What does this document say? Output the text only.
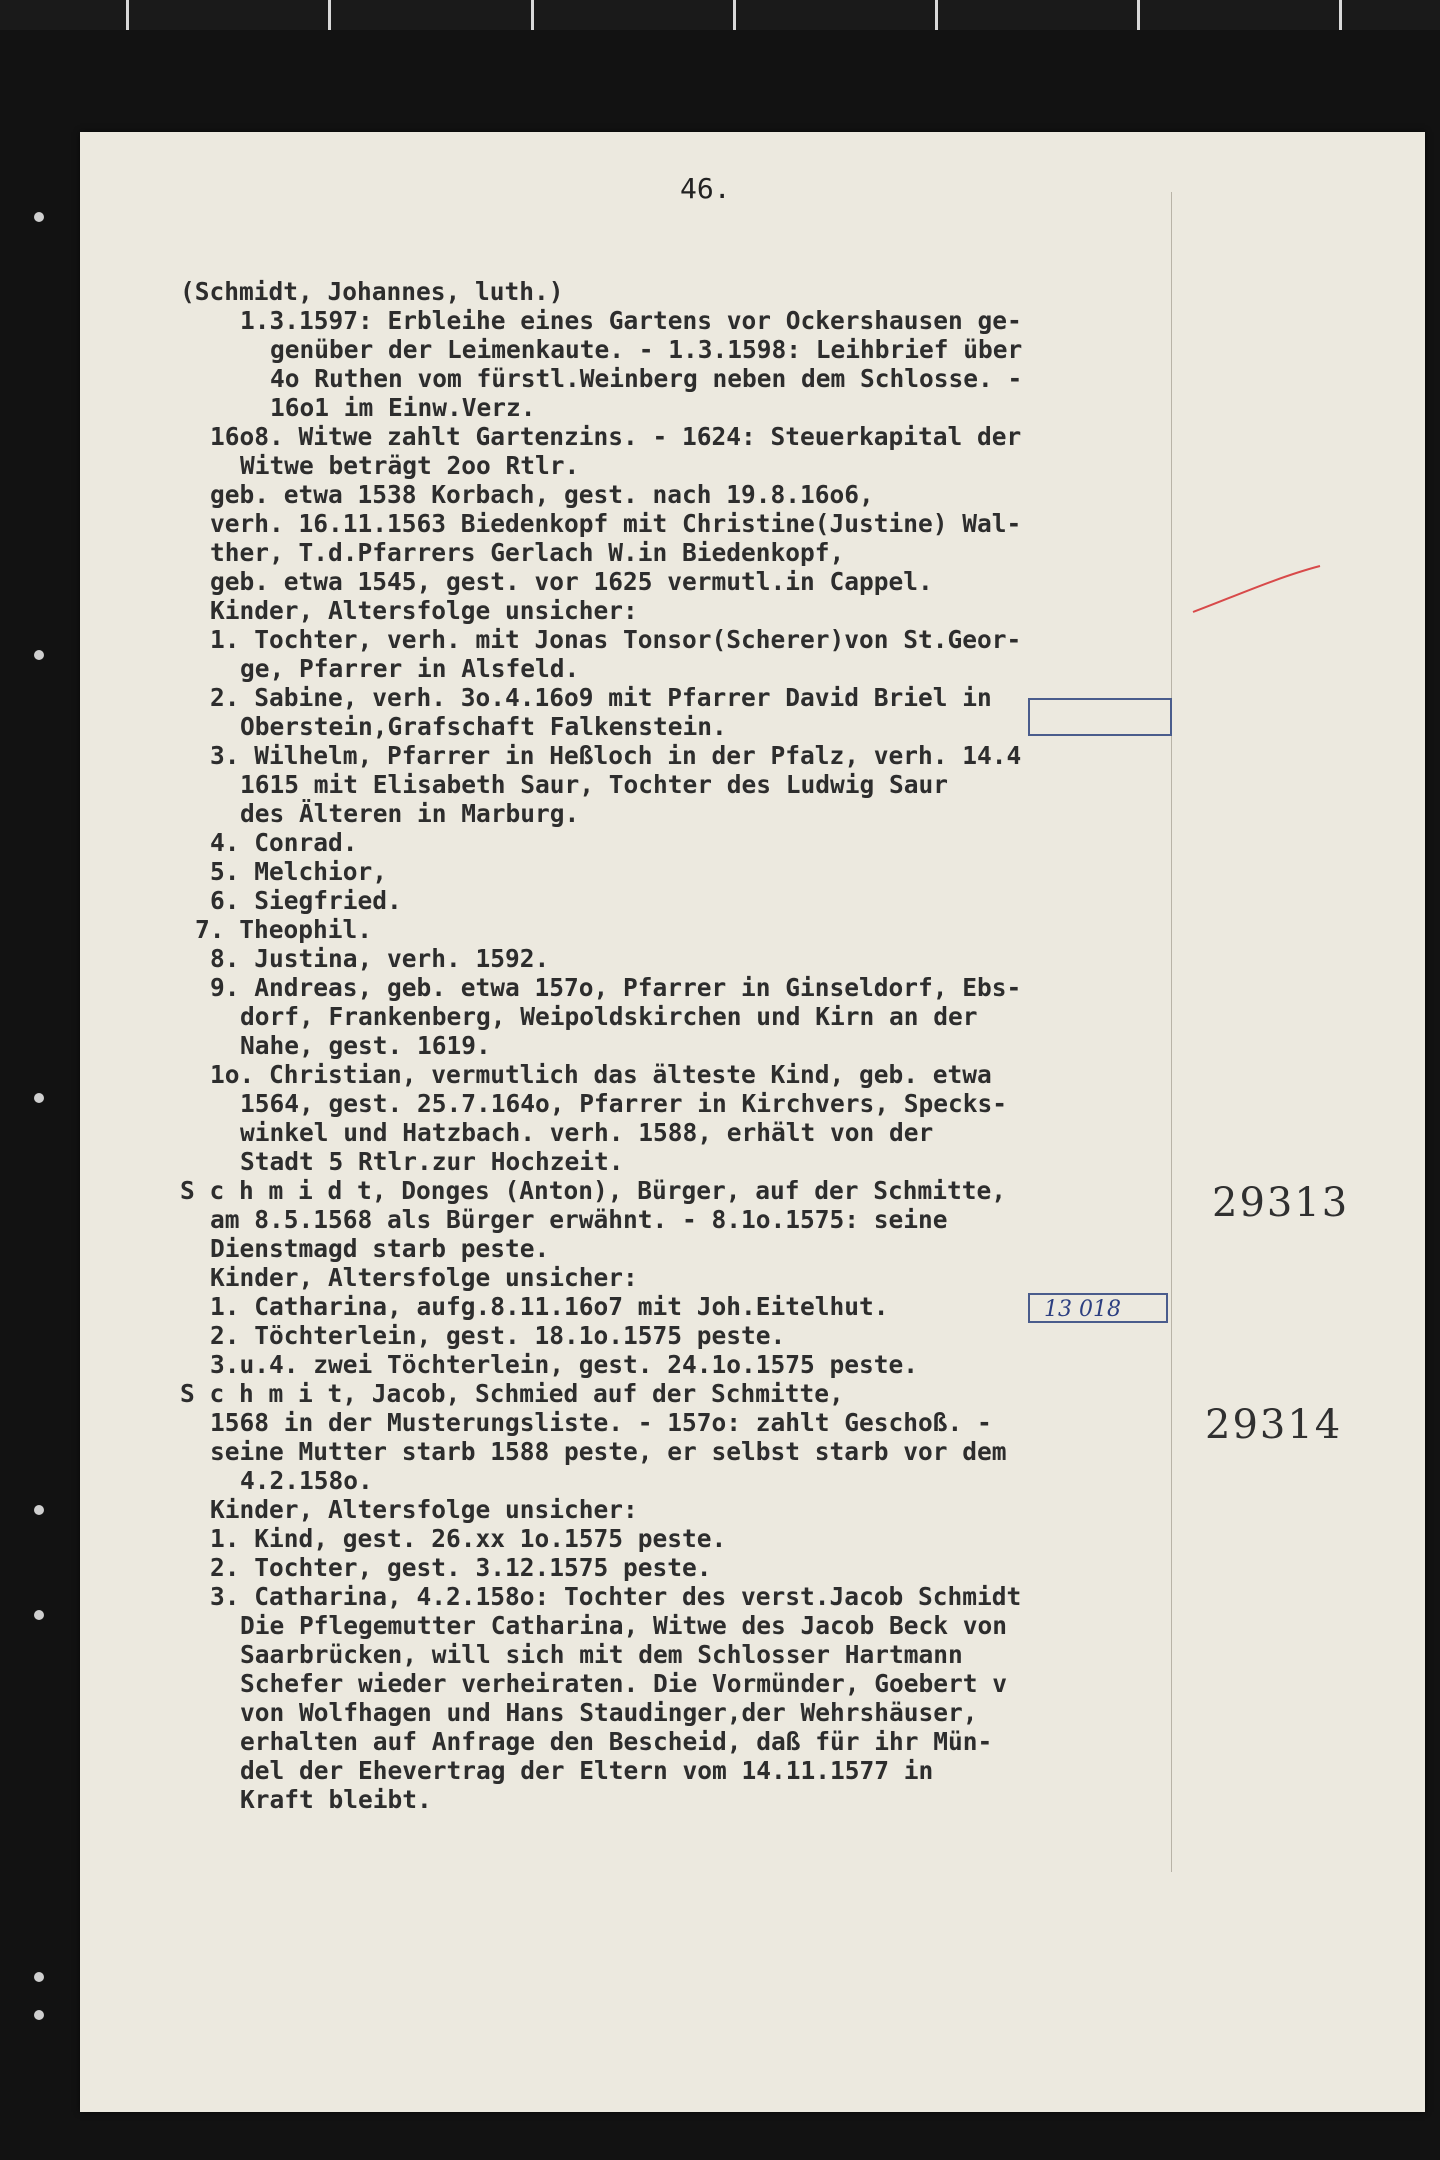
46.
(Schmidt, Johannes, luth.)
1.3.1597: Erbleihe eines Gartens vor Ockershausen ge-
genüber der Leimenkaute. - 1.3.1598: Leihbrief über
4o Ruthen vom fürstl.Weinberg neben dem Schlosse. -
16o1 im Einw.Verz.
16o8. Witwe zahlt Gartenzins. - 1624: Steuerkapital der
Witwe beträgt 2oo Rtlr.
geb. etwa 1538 Korbach, gest. nach 19.8.16o6,
verh. 16.11.1563 Biedenkopf mit Christine(Justine) Wal-
ther, T.d.Pfarrers Gerlach W.in Biedenkopf,
geb. etwa 1545, gest. vor 1625 vermutl.in Cappel.
Kinder, Altersfolge unsicher:
1. Tochter, verh. mit Jonas Tonsor(Scherer)von St.Geor-
ge, Pfarrer in Alsfeld.
2. Sabine, verh. 3o.4.16o9 mit Pfarrer David Briel in
Oberstein,Grafschaft Falkenstein.
3. Wilhelm, Pfarrer in Heßloch in der Pfalz, verh. 14.4
1615 mit Elisabeth Saur, Tochter des Ludwig Saur
des Älteren in Marburg.
4. Conrad.
5. Melchior,
6. Siegfried.
7. Theophil.
8. Justina, verh. 1592.
9. Andreas, geb. etwa 157o, Pfarrer in Ginseldorf, Ebs-
dorf, Frankenberg, Weipoldskirchen und Kirn an der
Nahe, gest. 1619.
1o. Christian, vermutlich das älteste Kind, geb. etwa
1564, gest. 25.7.164o, Pfarrer in Kirchvers, Specks-
winkel und Hatzbach. verh. 1588, erhält von der
Stadt 5 Rtlr.zur Hochzeit.
S c h m i d t, Donges (Anton), Bürger, auf der Schmitte,
am 8.5.1568 als Bürger erwähnt. - 8.1o.1575: seine
Dienstmagd starb peste.
Kinder, Altersfolge unsicher:
1. Catharina, aufg.8.11.16o7 mit Joh.Eitelhut.
2. Töchterlein, gest. 18.1o.1575 peste.
3.u.4. zwei Töchterlein, gest. 24.1o.1575 peste.
S c h m i t, Jacob, Schmied auf der Schmitte,
1568 in der Musterungsliste. - 157o: zahlt Geschoß. -
seine Mutter starb 1588 peste, er selbst starb vor dem
4.2.158o.
Kinder, Altersfolge unsicher:
1. Kind, gest. 26.xx 1o.1575 peste.
2. Tochter, gest. 3.12.1575 peste.
3. Catharina, 4.2.158o: Tochter des verst.Jacob Schmidt
Die Pflegemutter Catharina, Witwe des Jacob Beck von
Saarbrücken, will sich mit dem Schlosser Hartmann
Schefer wieder verheiraten. Die Vormünder, Goebert v
von Wolfhagen und Hans Staudinger,der Wehrshäuser,
erhalten auf Anfrage den Bescheid, daß für ihr Mün-
del der Ehevertrag der Eltern vom 14.11.1577 in
Kraft bleibt.
29313
29314
13 018
